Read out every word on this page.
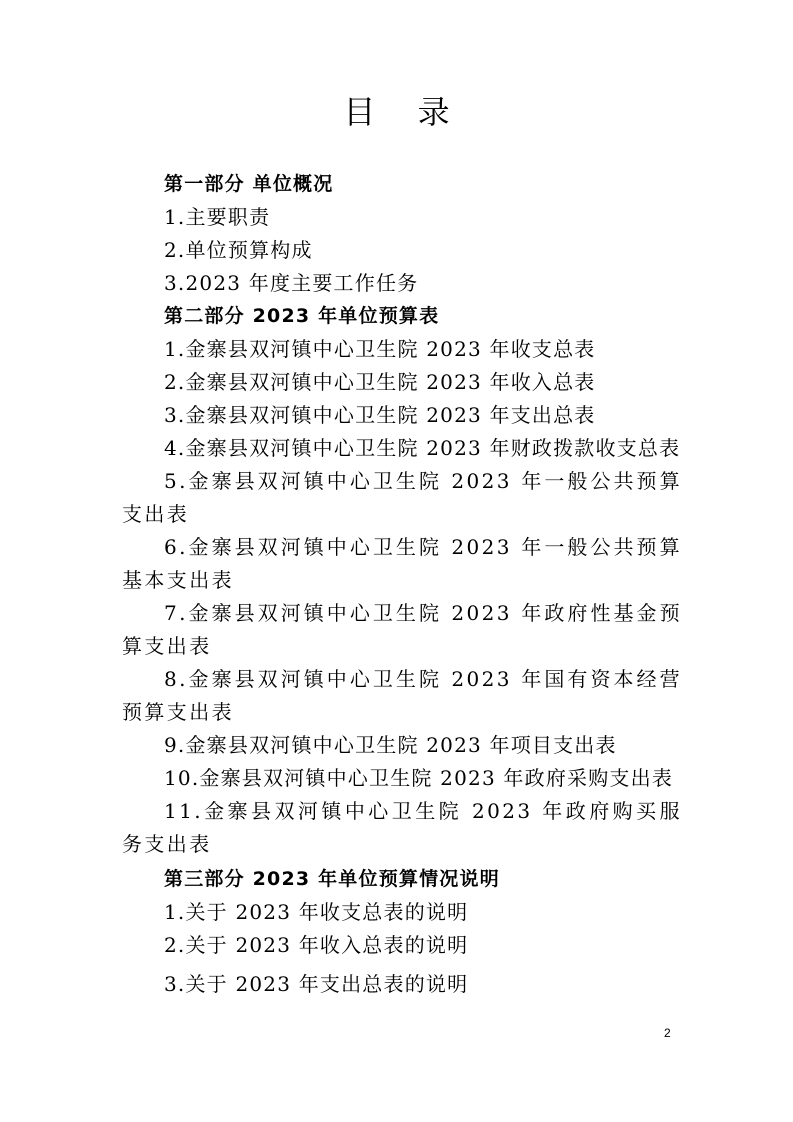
目 录
第一部分 单位概况
1.主要职责
2.单位预算构成
3.2023 年度主要工作任务
第二部分 2023 年单位预算表
1.金寨县双河镇中心卫生院 2023 年收支总表
2.金寨县双河镇中心卫生院 2023 年收入总表
3.金寨县双河镇中心卫生院 2023 年支出总表
4.金寨县双河镇中心卫生院 2023 年财政拨款收支总表
5.金寨县双河镇中心卫生院 2023 年一般公共预算支出表
6.金寨县双河镇中心卫生院 2023 年一般公共预算基本支出表
7.金寨县双河镇中心卫生院 2023 年政府性基金预算支出表
8.金寨县双河镇中心卫生院 2023 年国有资本经营预算支出表
9.金寨县双河镇中心卫生院 2023 年项目支出表
10.金寨县双河镇中心卫生院 2023 年政府采购支出表
11.金寨县双河镇中心卫生院 2023 年政府购买服务支出表
第三部分 2023 年单位预算情况说明
1.关于 2023 年收支总表的说明
2.关于 2023 年收入总表的说明
3.关于 2023 年支出总表的说明
2
